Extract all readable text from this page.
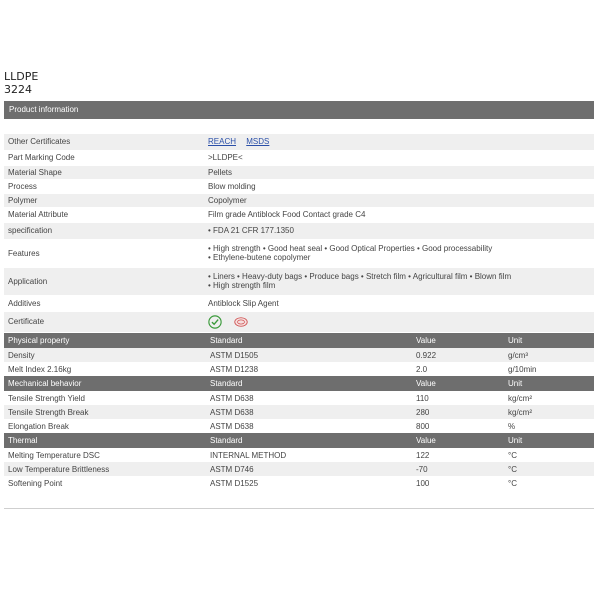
LLDPE
3224
Product information
Other Certificates	REACH MSDS
Part Marking Code	>LLDPE<
Material Shape	Pellets
Process	Blow molding
Polymer	Copolymer
Material Attribute	Film grade Antiblock Food Contact grade C4
specification	• FDA 21 CFR 177.1350
Features	• High strength • Good heat seal • Good Optical Properties • Good processability
• Ethylene-butene copolymer

Application	• Liners • Heavy-duty bags • Produce bags • Stretch film • Agricultural film • Blown film
• High strength film

Additives	Antiblock Slip Agent
Certificate	
Physical property	Standard	Value	Unit
Density	ASTM D1505	0.922	g/cm³
Melt Index 2.16kg	ASTM D1238	2.0	g/10min
Mechanical behavior	Standard	Value	Unit
Tensile Strength Yield	ASTM D638	110	kg/cm²
Tensile Strength Break	ASTM D638	280	kg/cm²
Elongation Break	ASTM D638	800	%
Thermal	Standard	Value	Unit
Melting Temperature DSC	INTERNAL METHOD	122	°C
Low Temperature Brittleness	ASTM D746	-70	°C
Softening Point	ASTM D1525	100	°C
